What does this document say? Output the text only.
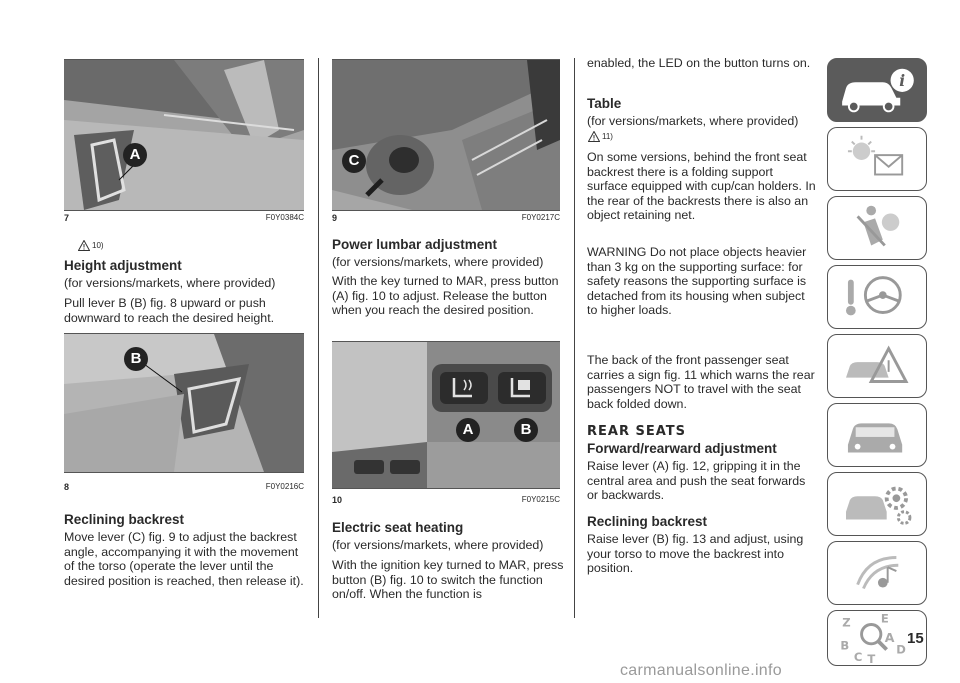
A
7	F0Y0384C
10)
Height adjustment

(for versions/markets, where provided)

Pull lever B (B) fig. 8 upward or push downward to reach the desired height.

B
8	F0Y0216C
Reclining backrest

Move lever (C) fig. 9 to adjust the backrest angle, accompanying it with the movement of the torso (operate the lever until the desired position is reached, then release it).

C
9	F0Y0217C
Power lumbar adjustment

(for versions/markets, where provided)

With the key turned to MAR, press button (A) fig. 10 to adjust. Release the button when you reach the desired position.

A	B
10	F0Y0215C
Electric seat heating

(for versions/markets, where provided)

With the ignition key turned to MAR, press button (B) fig. 10 to switch the function on/off. When the function is

enabled, the LED on the button turns on.

Table

(for versions/markets, where provided)

11)

On some versions, behind the front seat backrest there is a folding support surface equipped with cup/can holders. In the rear of the backrests there is also an object retaining net.

WARNING Do not place objects heavier than 3 kg on the supporting surface: for safety reasons the supporting surface is detached from its housing when subject to higher loads.

The back of the front passenger seat carries a sign fig. 11 which warns the rear passengers NOT to travel with the seat back folded down.

REAR SEATS
Forward/rearward adjustment

Raise lever (A) fig. 12, gripping it in the central area and push the seat forwards or backwards.

Reclining backrest

Raise lever (B) fig. 13 and adjust, using your torso to move the backrest into position.

i
Z	E
B
A
C T
D
15
carmanualsonline.info
